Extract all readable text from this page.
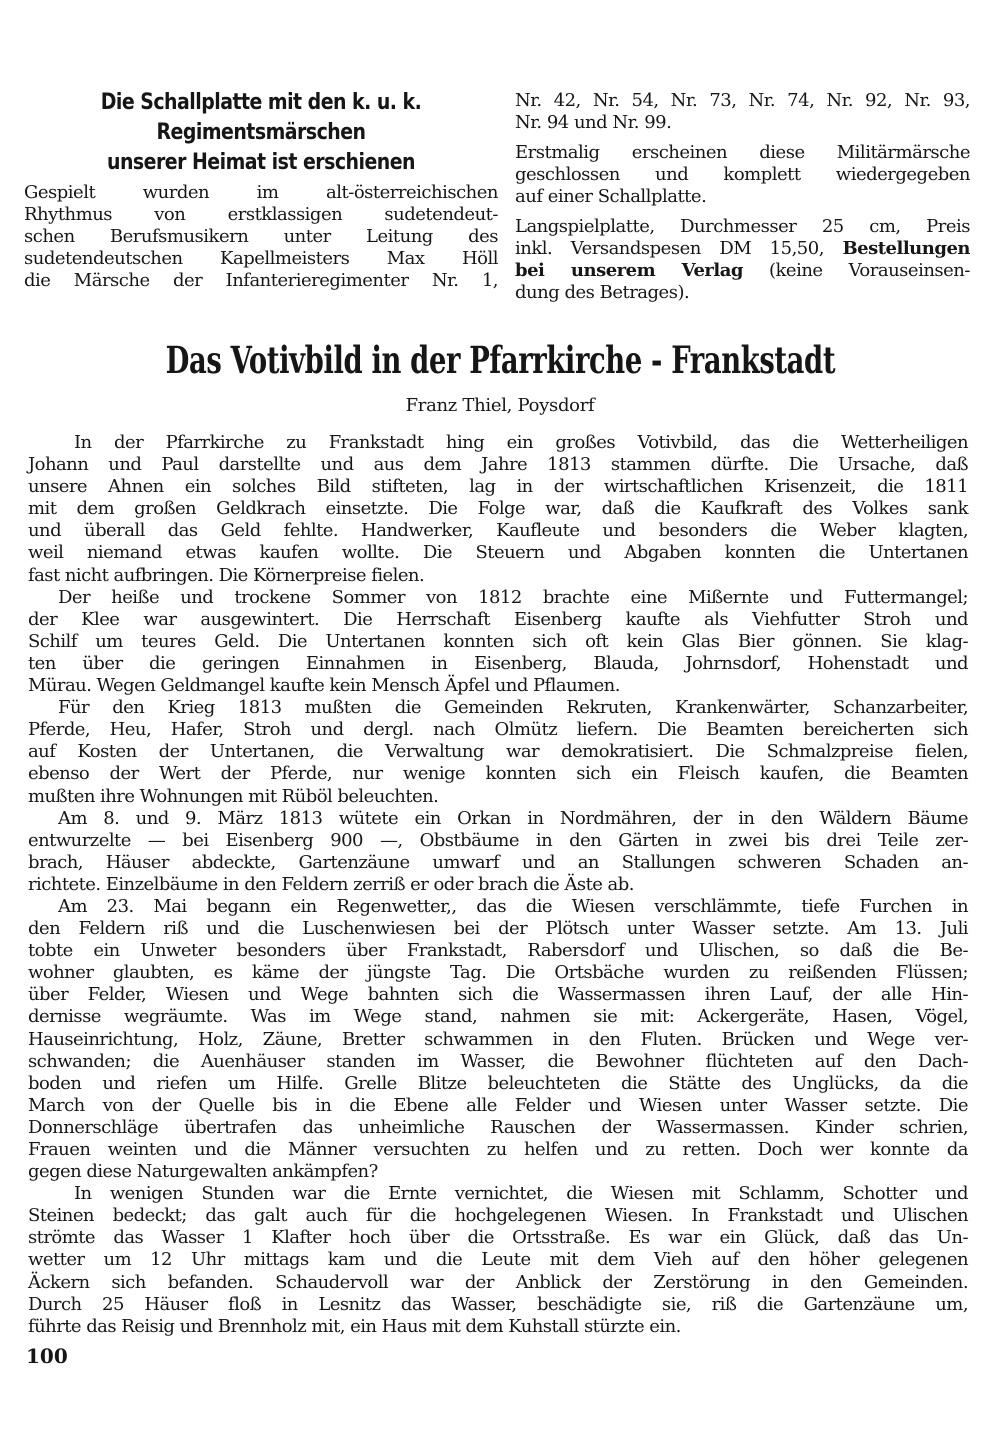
Die Schallplatte mit den k. u. k.
Regimentsmärschen
unserer Heimat ist erschienen

Gespielt wurden im alt-österreichischen
Rhythmus von erstklassigen sudetendeut-
schen Berufsmusikern unter Leitung des
sudetendeutschen Kapellmeisters Max Höll
die Märsche der Infanterieregimenter Nr. 1,

Nr. 42, Nr. 54, Nr. 73, Nr. 74, Nr. 92, Nr. 93,
Nr. 94 und Nr. 99.

Erstmalig erscheinen diese Militärmärsche
geschlossen und komplett wiedergegeben
auf einer Schallplatte.

Langspielplatte, Durchmesser 25 cm, Preis
inkl. Versandspesen DM 15,50, Bestellungen
bei unserem Verlag (keine Vorauseinsen-
dung des Betrages).

Das Votivbild in der Pfarrkirche - Frankstadt

Franz Thiel, Poysdorf

In der Pfarrkirche zu Frankstadt hing ein großes Votivbild, das die Wetterheiligen
Johann und Paul darstellte und aus dem Jahre 1813 stammen dürfte. Die Ursache, daß
unsere Ahnen ein solches Bild stifteten, lag in der wirtschaftlichen Krisenzeit, die 1811
mit dem großen Geldkrach einsetzte. Die Folge war, daß die Kaufkraft des Volkes sank
und überall das Geld fehlte. Handwerker, Kaufleute und besonders die Weber klagten,
weil niemand etwas kaufen wollte. Die Steuern und Abgaben konnten die Untertanen
fast nicht aufbringen. Die Körnerpreise fielen.

Der heiße und trockene Sommer von 1812 brachte eine Mißernte und Futtermangel;
der Klee war ausgewintert. Die Herrschaft Eisenberg kaufte als Viehfutter Stroh und
Schilf um teures Geld. Die Untertanen konnten sich oft kein Glas Bier gönnen. Sie klag-
ten über die geringen Einnahmen in Eisenberg, Blauda, Johrnsdorf, Hohenstadt und
Mürau. Wegen Geldmangel kaufte kein Mensch Äpfel und Pflaumen.

Für den Krieg 1813 mußten die Gemeinden Rekruten, Krankenwärter, Schanzarbeiter,
Pferde, Heu, Hafer, Stroh und dergl. nach Olmütz liefern. Die Beamten bereicherten sich
auf Kosten der Untertanen, die Verwaltung war demokratisiert. Die Schmalzpreise fielen,
ebenso der Wert der Pferde, nur wenige konnten sich ein Fleisch kaufen, die Beamten
mußten ihre Wohnungen mit Rüböl beleuchten.

Am 8. und 9. März 1813 wütete ein Orkan in Nordmähren, der in den Wäldern Bäume
entwurzelte — bei Eisenberg 900 —, Obstbäume in den Gärten in zwei bis drei Teile zer-
brach, Häuser abdeckte, Gartenzäune umwarf und an Stallungen schweren Schaden an-
richtete. Einzelbäume in den Feldern zerriß er oder brach die Äste ab.

Am 23. Mai begann ein Regenwetter,, das die Wiesen verschlämmte, tiefe Furchen in
den Feldern riß und die Luschenwiesen bei der Plötsch unter Wasser setzte. Am 13. Juli
tobte ein Unweter besonders über Frankstadt, Rabersdorf und Ulischen, so daß die Be-
wohner glaubten, es käme der jüngste Tag. Die Ortsbäche wurden zu reißenden Flüssen;
über Felder, Wiesen und Wege bahnten sich die Wassermassen ihren Lauf, der alle Hin-
dernisse wegräumte. Was im Wege stand, nahmen sie mit: Ackergeräte, Hasen, Vögel,
Hauseinrichtung, Holz, Zäune, Bretter schwammen in den Fluten. Brücken und Wege ver-
schwanden; die Auenhäuser standen im Wasser, die Bewohner flüchteten auf den Dach-
boden und riefen um Hilfe. Grelle Blitze beleuchteten die Stätte des Unglücks, da die
March von der Quelle bis in die Ebene alle Felder und Wiesen unter Wasser setzte. Die
Donnerschläge übertrafen das unheimliche Rauschen der Wassermassen. Kinder schrien,
Frauen weinten und die Männer versuchten zu helfen und zu retten. Doch wer konnte da
gegen diese Naturgewalten ankämpfen?

In wenigen Stunden war die Ernte vernichtet, die Wiesen mit Schlamm, Schotter und
Steinen bedeckt; das galt auch für die hochgelegenen Wiesen. In Frankstadt und Ulischen
strömte das Wasser 1 Klafter hoch über die Ortsstraße. Es war ein Glück, daß das Un-
wetter um 12 Uhr mittags kam und die Leute mit dem Vieh auf den höher gelegenen
Äckern sich befanden. Schaudervoll war der Anblick der Zerstörung in den Gemeinden.
Durch 25 Häuser floß in Lesnitz das Wasser, beschädigte sie, riß die Gartenzäune um,
führte das Reisig und Brennholz mit, ein Haus mit dem Kuhstall stürzte ein.

100
